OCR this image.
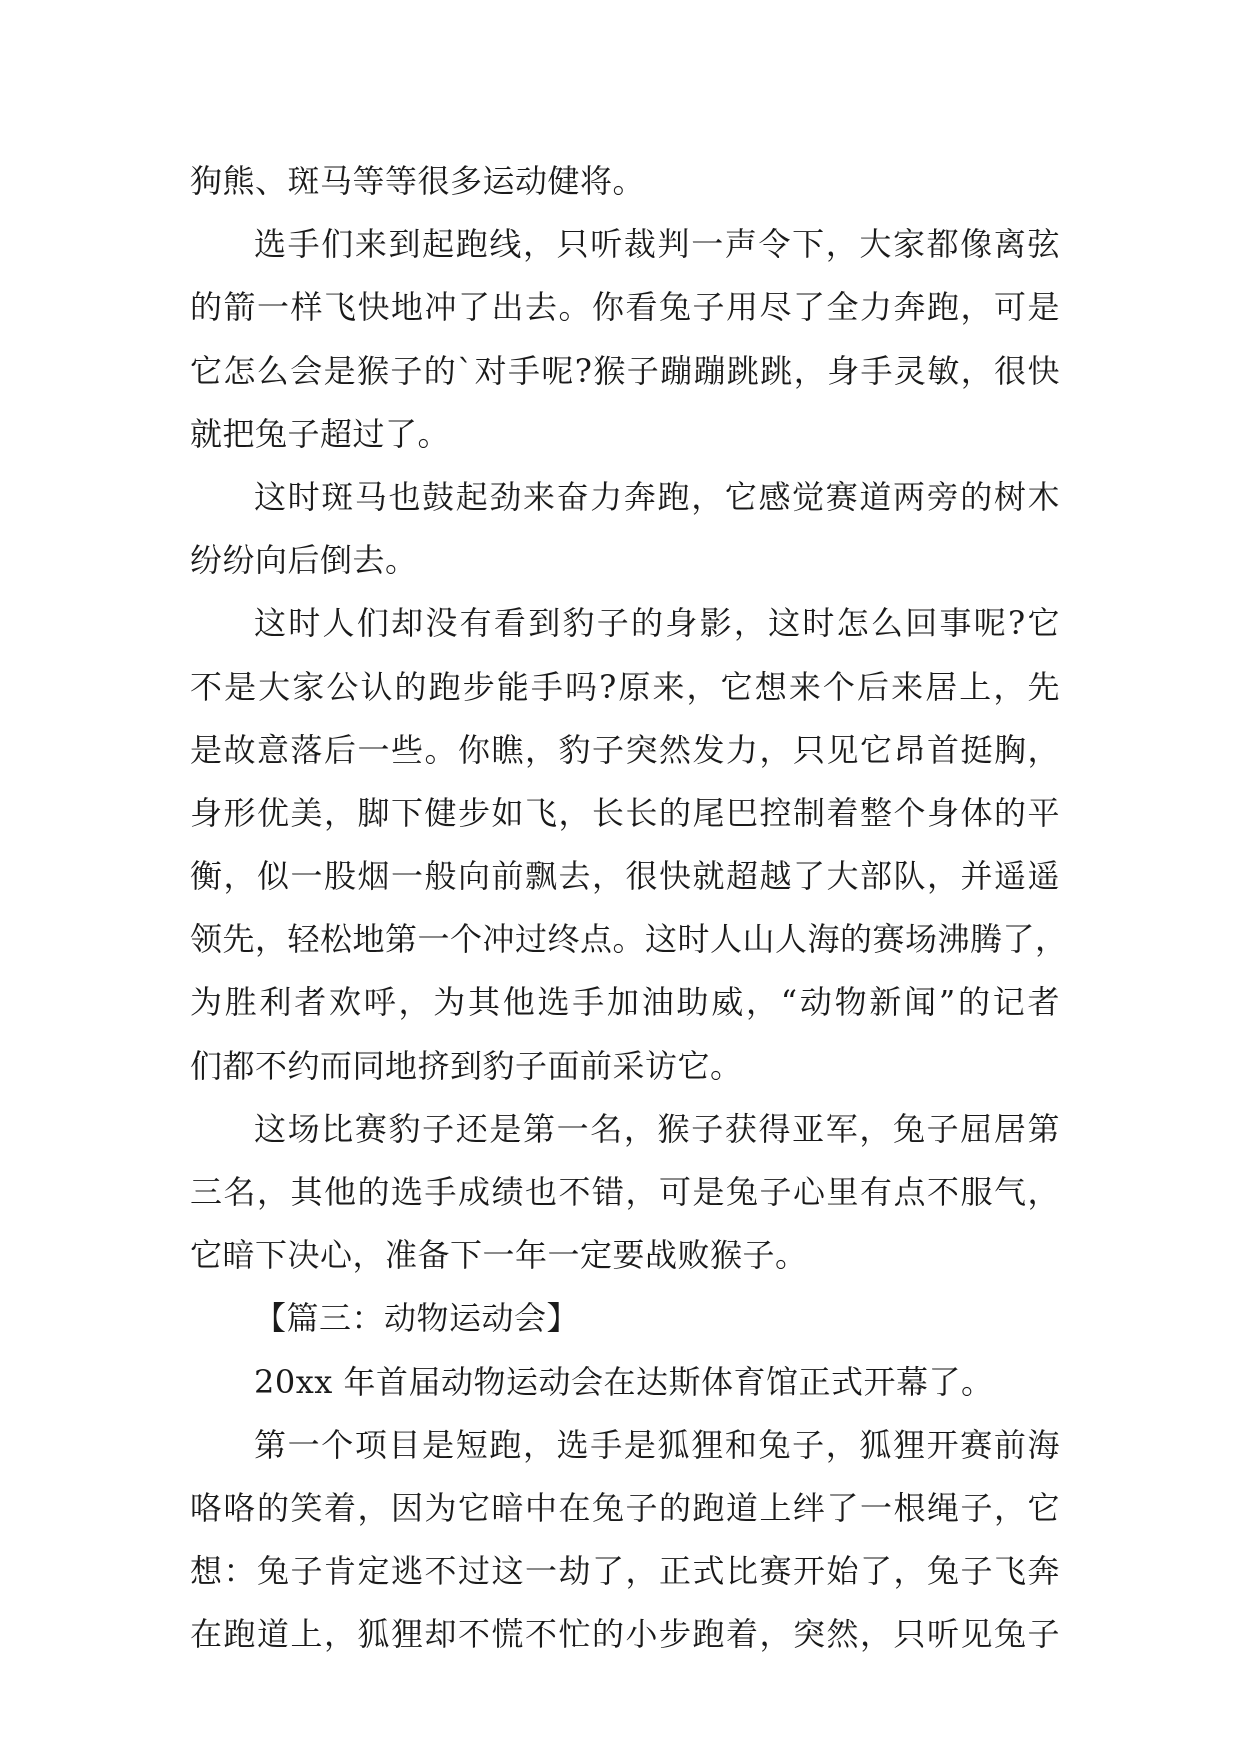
狗熊、斑马等等很多运动健将。
选手们来到起跑线，只听裁判一声令下，大家都像离弦
的箭一样飞快地冲了出去。你看兔子用尽了全力奔跑，可是
它怎么会是猴子的`对手呢?猴子蹦蹦跳跳，身手灵敏，很快
就把兔子超过了。
这时斑马也鼓起劲来奋力奔跑，它感觉赛道两旁的树木
纷纷向后倒去。
这时人们却没有看到豹子的身影，这时怎么回事呢?它
不是大家公认的跑步能手吗?原来，它想来个后来居上，先
是故意落后一些。你瞧，豹子突然发力，只见它昂首挺胸，
身形优美，脚下健步如飞，长长的尾巴控制着整个身体的平
衡，似一股烟一般向前飘去，很快就超越了大部队，并遥遥
领先，轻松地第一个冲过终点。这时人山人海的赛场沸腾了，
为胜利者欢呼，为其他选手加油助威，“动物新闻”的记者
们都不约而同地挤到豹子面前采访它。
这场比赛豹子还是第一名，猴子获得亚军，兔子屈居第
三名，其他的选手成绩也不错，可是兔子心里有点不服气，
它暗下决心，准备下一年一定要战败猴子。
【篇三：动物运动会】
20xx 年首届动物运动会在达斯体育馆正式开幕了。
第一个项目是短跑，选手是狐狸和兔子，狐狸开赛前海
咯咯的笑着，因为它暗中在兔子的跑道上绊了一根绳子，它
想：兔子肯定逃不过这一劫了，正式比赛开始了，兔子飞奔
在跑道上，狐狸却不慌不忙的小步跑着，突然，只听见兔子
